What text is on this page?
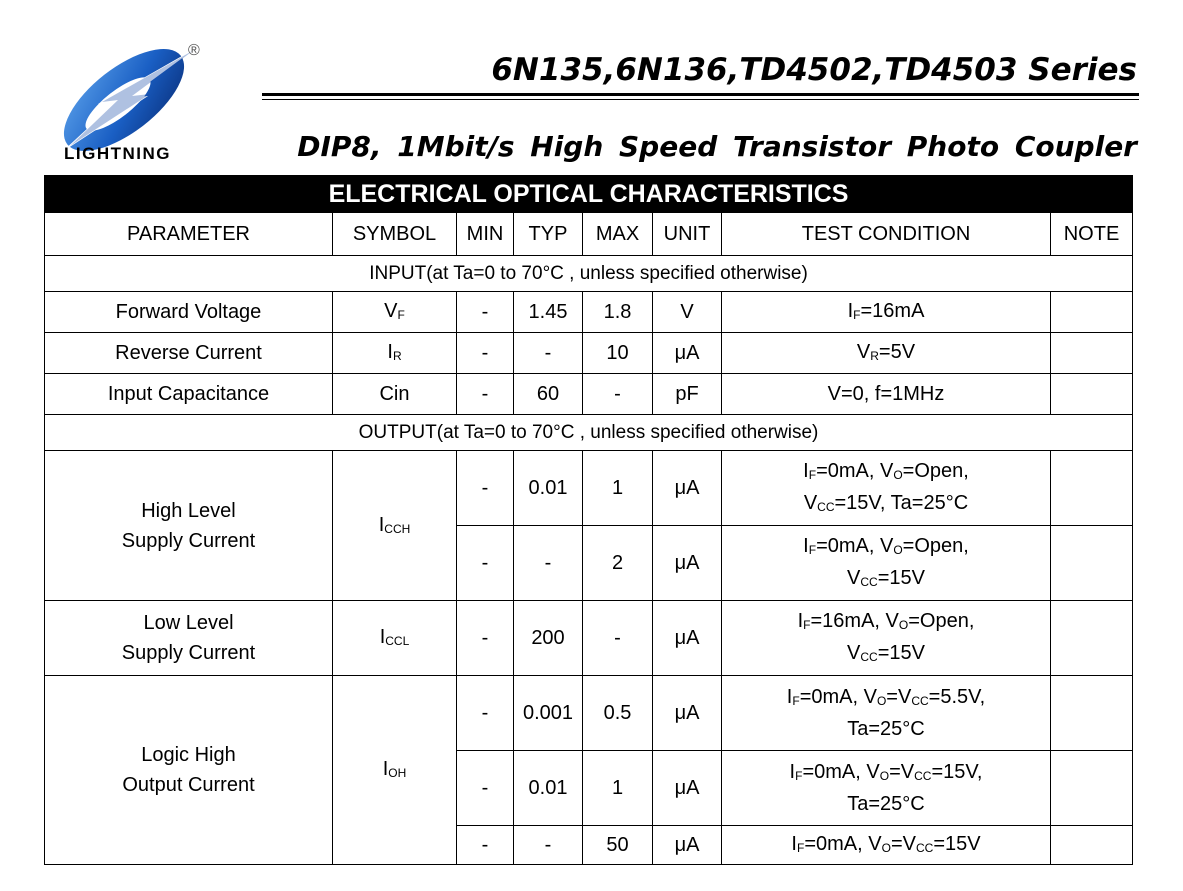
®
LIGHTNING
6N135,6N136,TD4502,TD4503 Series
DIP8, 1Mbit/s High Speed Transistor Photo Coupler
ELECTRICAL OPTICAL CHARACTERISTICS							
PARAMETER	SYMBOL	MIN	TYP	MAX	UNIT	TEST CONDITION	NOTE
INPUT(at Ta=0 to 70°C , unless specified otherwise)							
Forward Voltage	$V_F$	-	1.45	1.8	V	$I_F=16mA$	
Reverse Current	$I_R$	-	-	10	μA	$V_R=5V$	
Input Capacitance	Cin	-	60	-	pF	V=0, f=1MHz	
OUTPUT(at Ta=0 to 70°C , unless specified otherwise)							
High Level
Supply Current	$I_{CCH}$	-	0.01	1	μA	$I_F=0mA$, $V_O=Open$,
$V_{CC}=15V$, Ta=25°C	
		-	-	2	μA	$I_F=0mA$, $V_O=Open$,
$V_{CC}=15V$	
Low Level
Supply Current	$I_{CCL}$	-	200	-	μA	$I_F=16mA$, $V_O=Open$,
$V_{CC}=15V$	
Logic High
Output Current	$I_{OH}$	-	0.001	0.5	μA	$I_F=0mA$, $V_O=V_{CC}=5.5V$,
Ta=25°C	
		-	0.01	1	μA	$I_F=0mA$, $V_O=V_{CC}=15V$,
Ta=25°C	
		-	-	50	μA	$I_F=0mA$, $V_O=V_{CC}=15V$	
